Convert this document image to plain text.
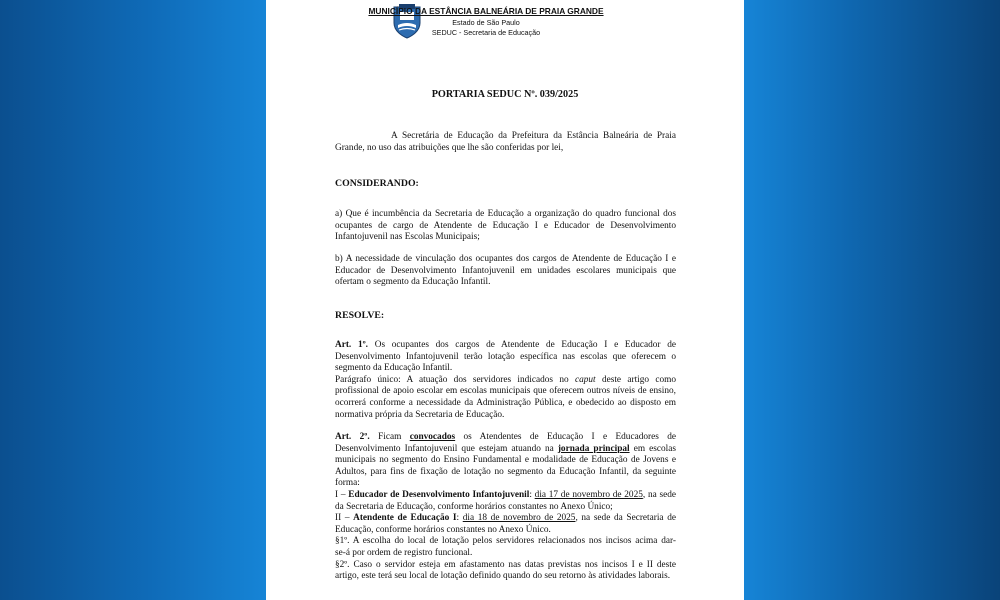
MUNICÍPIO DA ESTÂNCIA BALNEÁRIA DE PRAIA GRANDE
Estado de São Paulo
SEDUC - Secretaria de Educação
PORTARIA SEDUC Nº. 039/2025
A Secretária de Educação da Prefeitura da Estância Balneária de Praia
Grande, no uso das atribuições que lhe são conferidas por lei,
CONSIDERANDO:
a) Que é incumbência da Secretaria de Educação a organização do quadro funcional dos
ocupantes de cargo de Atendente de Educação I e Educador de Desenvolvimento
Infantojuvenil nas Escolas Municipais;
b) A necessidade de vinculação dos ocupantes dos cargos de Atendente de Educação I e
Educador de Desenvolvimento Infantojuvenil em unidades escolares municipais que
ofertam o segmento da Educação Infantil.
RESOLVE:
Art. 1º. Os ocupantes dos cargos de Atendente de Educação I e Educador de
Desenvolvimento Infantojuvenil terão lotação específica nas escolas que oferecem o
segmento da Educação Infantil.
Parágrafo único: A atuação dos servidores indicados no caput deste artigo como
profissional de apoio escolar em escolas municipais que oferecem outros níveis de ensino,
ocorrerá conforme a necessidade da Administração Pública, e obedecido ao disposto em
normativa própria da Secretaria de Educação.
Art. 2º. Ficam convocados os Atendentes de Educação I e Educadores de
Desenvolvimento Infantojuvenil que estejam atuando na jornada principal em escolas
municipais no segmento do Ensino Fundamental e modalidade de Educação de Jovens e
Adultos, para fins de fixação de lotação no segmento da Educação Infantil, da seguinte
forma:
I – Educador de Desenvolvimento Infantojuvenil: dia 17 de novembro de 2025, na sede
da Secretaria de Educação, conforme horários constantes no Anexo Único;
II – Atendente de Educação I: dia 18 de novembro de 2025, na sede da Secretaria de
Educação, conforme horários constantes no Anexo Único.
§1º. A escolha do local de lotação pelos servidores relacionados nos incisos acima dar-
se-á por ordem de registro funcional.
§2º. Caso o servidor esteja em afastamento nas datas previstas nos incisos I e II deste
artigo, este terá seu local de lotação definido quando do seu retorno às atividades laborais.
